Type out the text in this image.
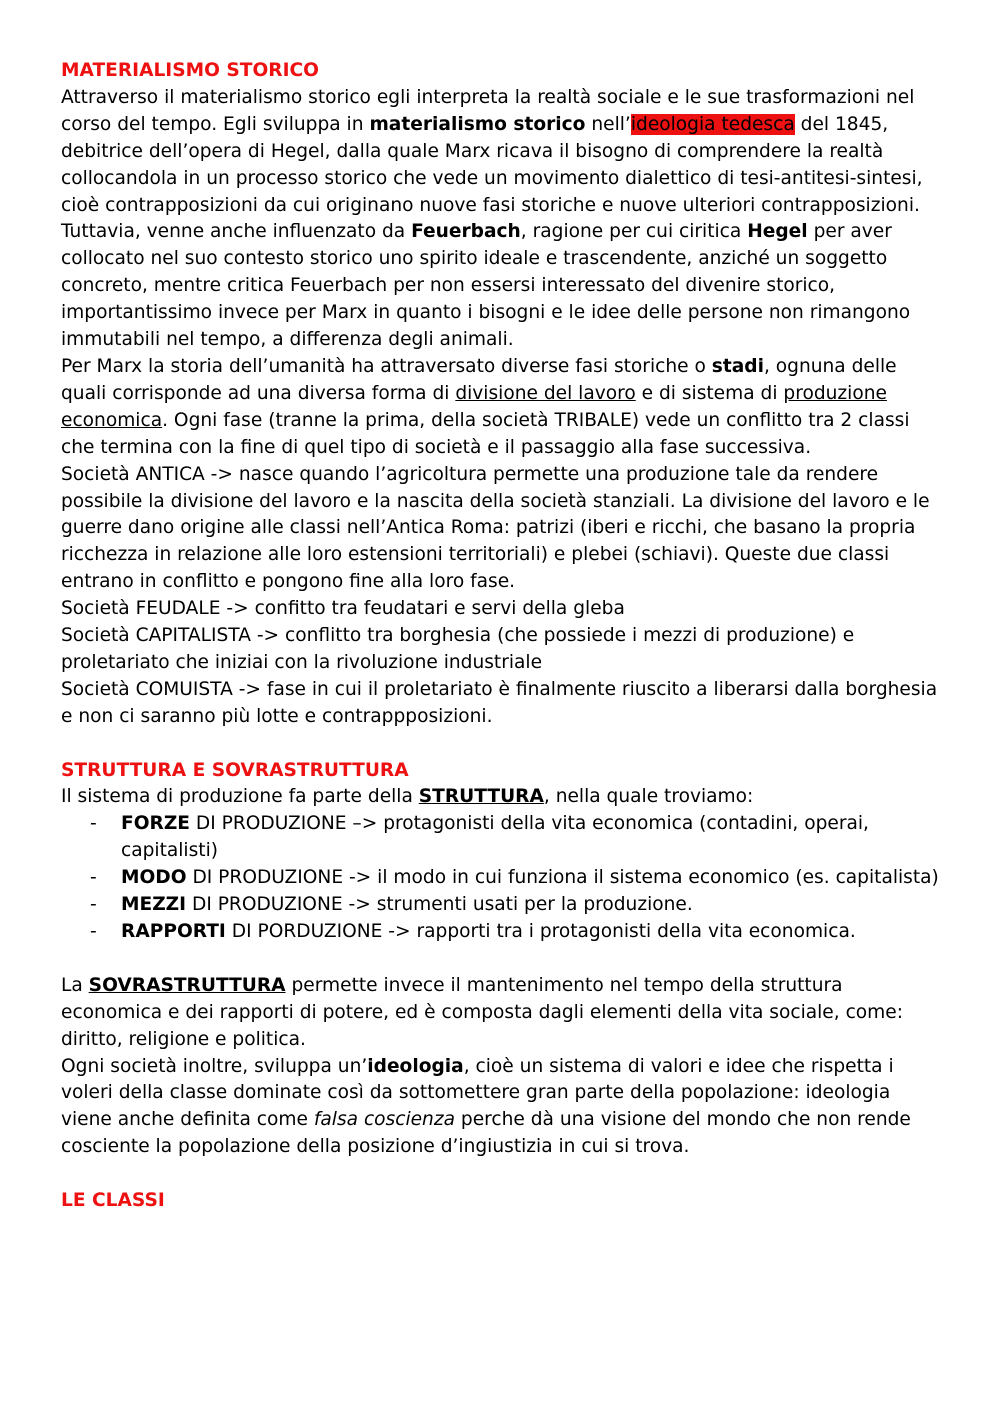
MATERIALISMO STORICO

Attraverso il materialismo storico egli interpreta la realtà sociale e le sue trasformazioni nel corso del tempo. Egli sviluppa in materialismo storico nell’ideologia tedesca del 1845, debitrice dell’opera di Hegel, dalla quale Marx ricava il bisogno di comprendere la realtà collocandola in un processo storico che vede un movimento dialettico di tesi-antitesi-sintesi, cioè contrapposizioni da cui originano nuove fasi storiche e nuove ulteriori contrapposizioni. Tuttavia, venne anche influenzato da Feuerbach, ragione per cui ciritica Hegel per aver collocato nel suo contesto storico uno spirito ideale e trascendente, anziché un soggetto concreto, mentre critica Feuerbach per non essersi interessato del divenire storico, importantissimo invece per Marx in quanto i bisogni e le idee delle persone non rimangono immutabili nel tempo, a differenza degli animali.

Per Marx la storia dell’umanità ha attraversato diverse fasi storiche o stadi, ognuna delle quali corrisponde ad una diversa forma di divisione del lavoro e di sistema di produzione economica. Ogni fase (tranne la prima, della società TRIBALE) vede un conflitto tra 2 classi che termina con la fine di quel tipo di società e il passaggio alla fase successiva.

Società ANTICA -> nasce quando l’agricoltura permette una produzione tale da rendere possibile la divisione del lavoro e la nascita della società stanziali. La divisione del lavoro e le guerre dano origine alle classi nell’Antica Roma: patrizi (iberi e ricchi, che basano la propria ricchezza in relazione alle loro estensioni territoriali) e plebei (schiavi). Queste due classi entrano in conflitto e pongono fine alla loro fase.

Società FEUDALE -> confitto tra feudatari e servi della gleba

Società CAPITALISTA -> conflitto tra borghesia (che possiede i mezzi di produzione) e proletariato che iniziai con la rivoluzione industriale

Società COMUISTA -> fase in cui il proletariato è finalmente riuscito a liberarsi dalla borghesia e non ci saranno più lotte e contrappposizioni.

STRUTTURA E SOVRASTRUTTURA

Il sistema di produzione fa parte della STRUTTURA, nella quale troviamo:

- FORZE DI PRODUZIONE –> protagonisti della vita economica (contadini, operai, capitalisti)
- MODO DI PRODUZIONE -> il modo in cui funziona il sistema economico (es. capitalista)
- MEZZI DI PRODUZIONE -> strumenti usati per la produzione.
- RAPPORTI DI PORDUZIONE -> rapporti tra i protagonisti della vita economica.

La SOVRASTRUTTURA permette invece il mantenimento nel tempo della struttura economica e dei rapporti di potere, ed è composta dagli elementi della vita sociale, come: diritto, religione e politica.

Ogni società inoltre, sviluppa un’ideologia, cioè un sistema di valori e idee che rispetta i voleri della classe dominate così da sottomettere gran parte della popolazione: ideologia viene anche definita come falsa coscienza perche dà una visione del mondo che non rende cosciente la popolazione della posizione d’ingiustizia in cui si trova.

LE CLASSI
